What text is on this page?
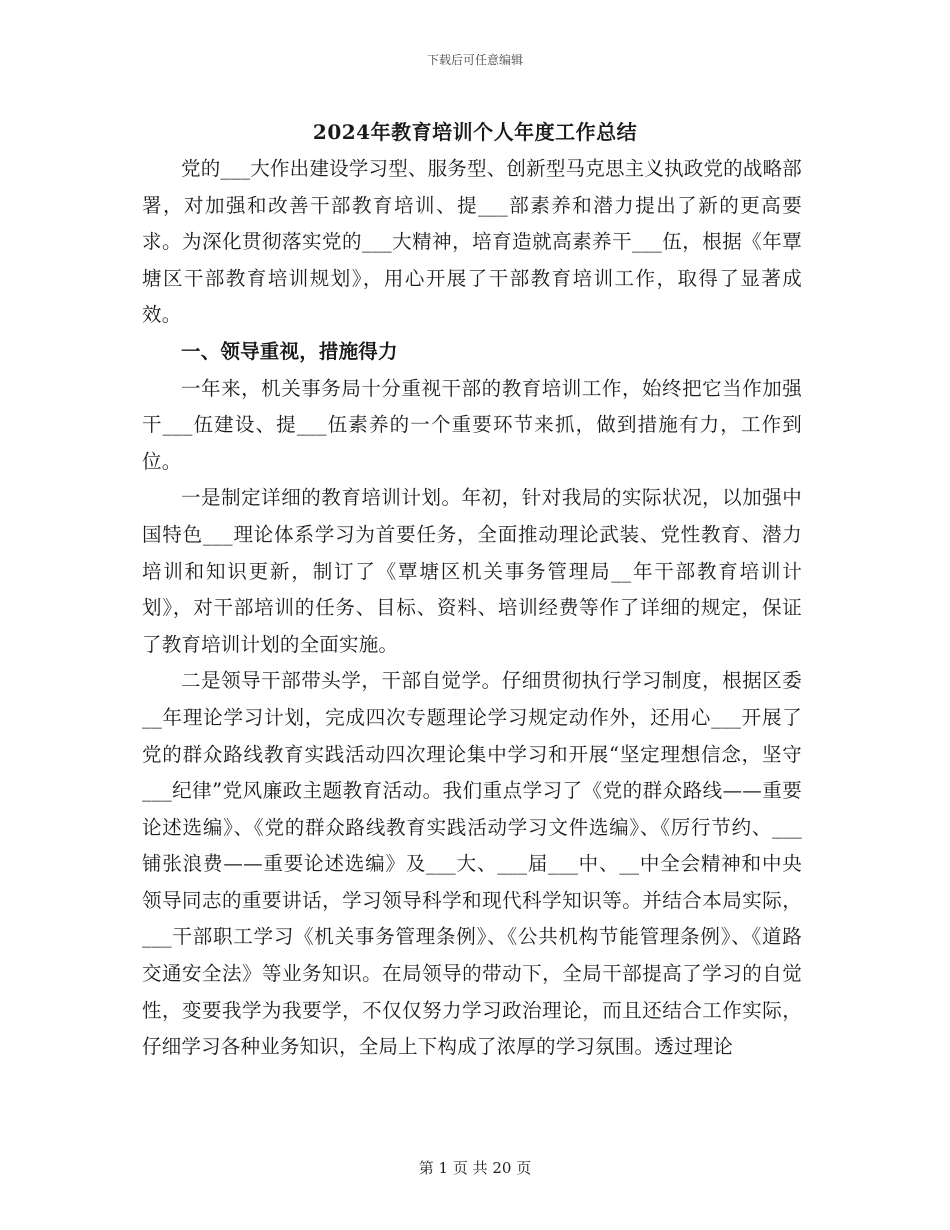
下载后可任意编辑
2024年教育培训个人年度工作总结

党的___大作出建设学习型、服务型、创新型马克思主义执政党的战略部署，对加强和改善干部教育培训、提___部素养和潜力提出了新的更高要求。为深化贯彻落实党的___大精神，培育造就高素养干___伍，根据《年覃塘区干部教育培训规划》，用心开展了干部教育培训工作，取得了显著成效。

一、领导重视，措施得力

一年来，机关事务局十分重视干部的教育培训工作，始终把它当作加强干___伍建设、提___伍素养的一个重要环节来抓，做到措施有力，工作到位。

一是制定详细的教育培训计划。年初，针对我局的实际状况，以加强中国特色___理论体系学习为首要任务，全面推动理论武装、党性教育、潜力培训和知识更新，制订了《覃塘区机关事务管理局__年干部教育培训计划》，对干部培训的任务、目标、资料、培训经费等作了详细的规定，保证了教育培训计划的全面实施。

二是领导干部带头学，干部自觉学。仔细贯彻执行学习制度，根据区委__年理论学习计划，完成四次专题理论学习规定动作外，还用心___开展了党的群众路线教育实践活动四次理论集中学习和开展“坚定理想信念，坚守___纪律”党风廉政主题教育活动。我们重点学习了《党的群众路线——重要论述选编》、《党的群众路线教育实践活动学习文件选编》、《厉行节约、___铺张浪费——重要论述选编》及___大、___届___中、__中全会精神和中央领导同志的重要讲话，学习领导科学和现代科学知识等。并结合本局实际，___干部职工学习《机关事务管理条例》、《公共机构节能管理条例》、《道路交通安全法》等业务知识。在局领导的带动下，全局干部提高了学习的自觉性，变要我学为我要学，不仅仅努力学习政治理论，而且还结合工作实际，仔细学习各种业务知识，全局上下构成了浓厚的学习氛围。透过理论

第 1 页 共 20 页
